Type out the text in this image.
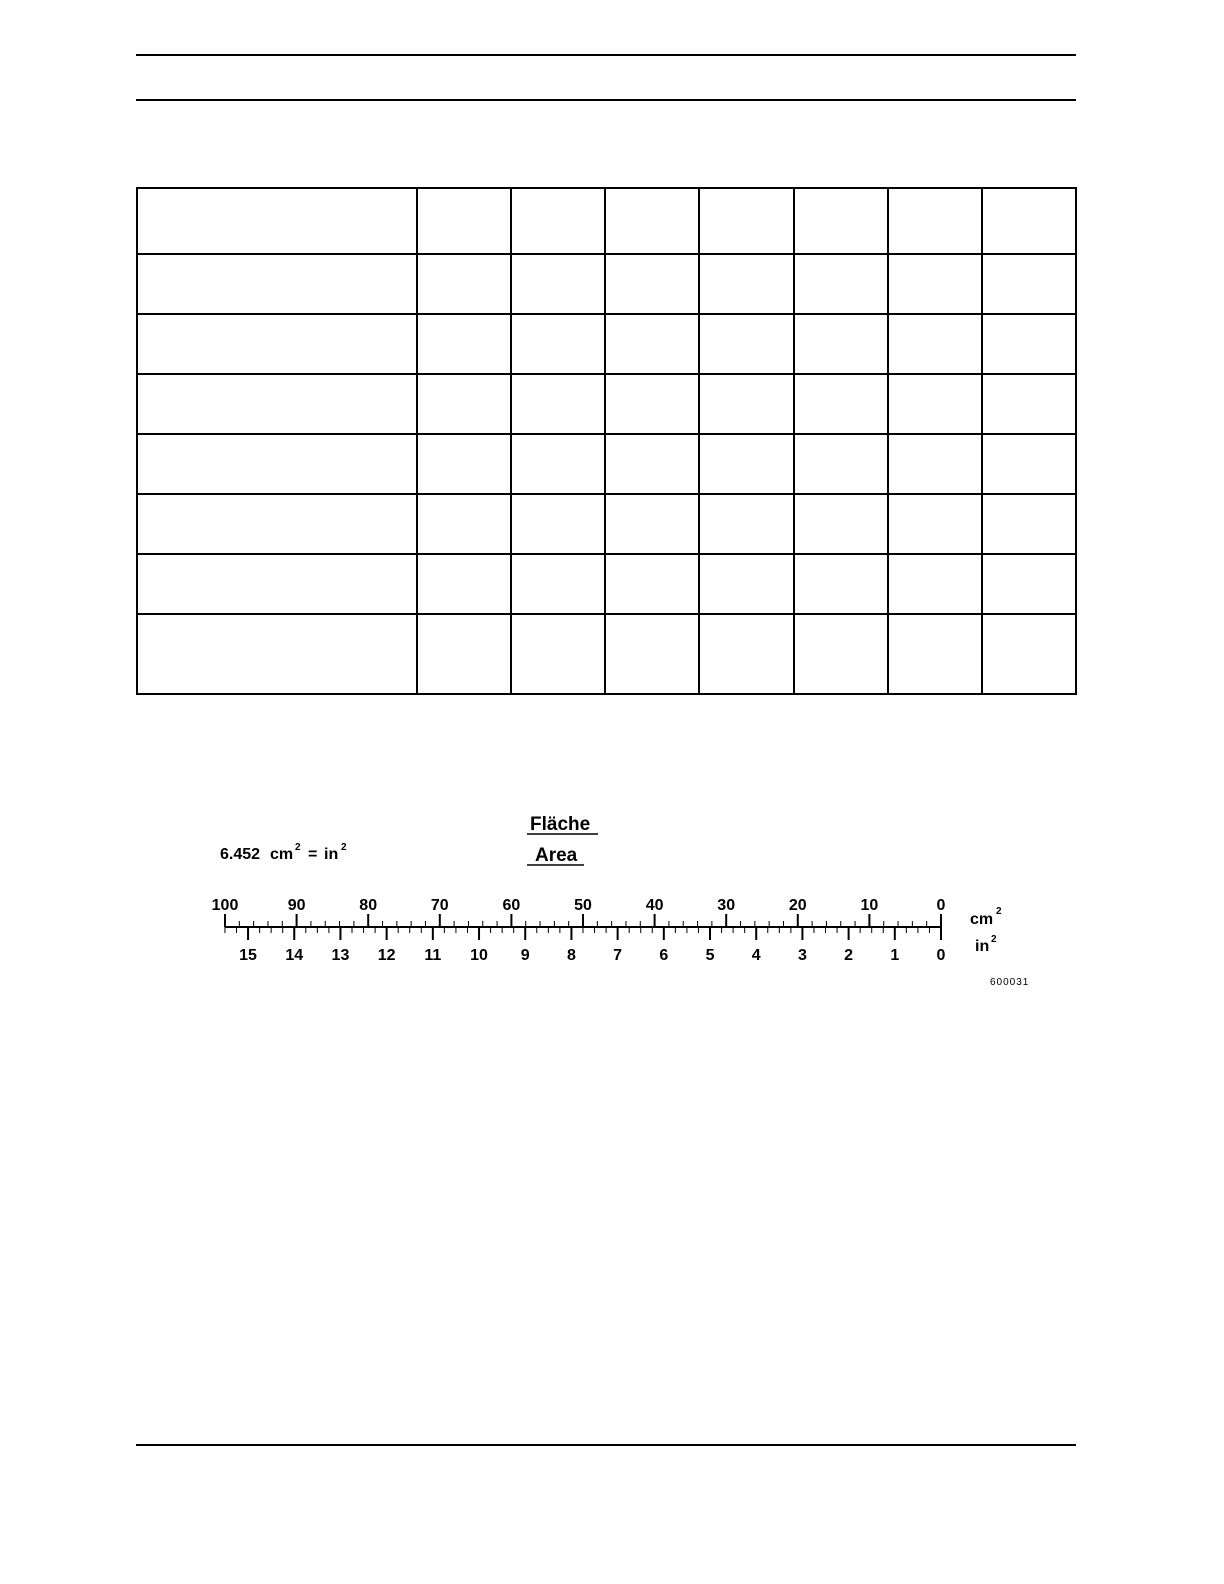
Fläche
Area
6.452 cm 2 = in 2
100	90	80	70	60	50	40	30	20	10	0
15 14 13 12 11 10 9 8 7 6 5 4 3 2 1 0
cm 2
in 2
600031
